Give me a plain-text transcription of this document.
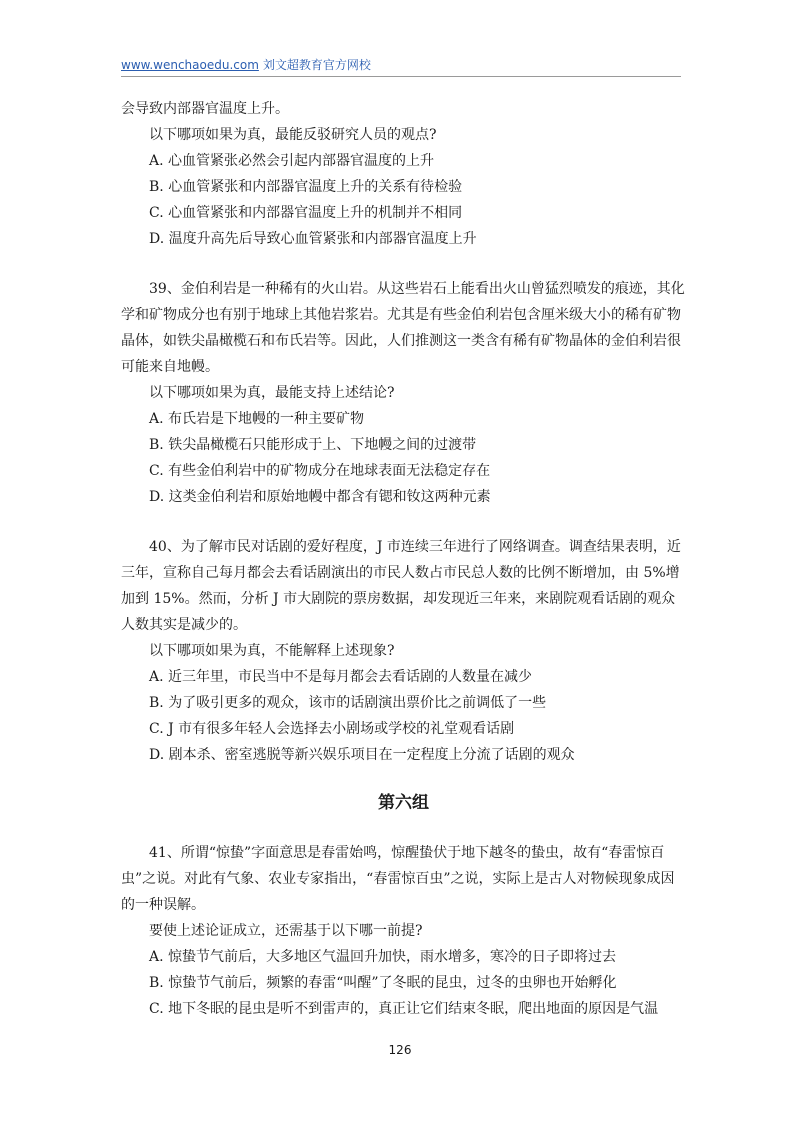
www.wenchaoedu.com 刘文超教育官方网校

会导致内部器官温度上升。

以下哪项如果为真，最能反驳研究人员的观点?

A. 心血管紧张必然会引起内部器官温度的上升

B. 心血管紧张和内部器官温度上升的关系有待检验

C. 心血管紧张和内部器官温度上升的机制并不相同

D. 温度升高先后导致心血管紧张和内部器官温度上升

39、金伯利岩是一种稀有的火山岩。从这些岩石上能看出火山曾猛烈喷发的痕迹，其化学和矿物成分也有别于地球上其他岩浆岩。尤其是有些金伯利岩包含厘米级大小的稀有矿物晶体，如铁尖晶橄榄石和布氏岩等。因此，人们推测这一类含有稀有矿物晶体的金伯利岩很可能来自地幔。

以下哪项如果为真，最能支持上述结论?

A. 布氏岩是下地幔的一种主要矿物

B. 铁尖晶橄榄石只能形成于上、下地幔之间的过渡带

C. 有些金伯利岩中的矿物成分在地球表面无法稳定存在

D. 这类金伯利岩和原始地幔中都含有锶和钕这两种元素

40、为了解市民对话剧的爱好程度，J 市连续三年进行了网络调查。调查结果表明，近三年，宣称自己每月都会去看话剧演出的市民人数占市民总人数的比例不断增加，由 5%增加到 15%。然而，分析 J 市大剧院的票房数据，却发现近三年来，来剧院观看话剧的观众人数其实是减少的。

以下哪项如果为真，不能解释上述现象?

A. 近三年里，市民当中不是每月都会去看话剧的人数量在减少

B. 为了吸引更多的观众，该市的话剧演出票价比之前调低了一些

C. J 市有很多年轻人会选择去小剧场或学校的礼堂观看话剧

D. 剧本杀、密室逃脱等新兴娱乐项目在一定程度上分流了话剧的观众

第六组

41、所谓“惊蛰”字面意思是春雷始鸣，惊醒蛰伏于地下越冬的蛰虫，故有“春雷惊百虫”之说。对此有气象、农业专家指出，“春雷惊百虫”之说，实际上是古人对物候现象成因的一种误解。

要使上述论证成立，还需基于以下哪一前提?

A. 惊蛰节气前后，大多地区气温回升加快，雨水增多，寒冷的日子即将过去

B. 惊蛰节气前后，频繁的春雷“叫醒”了冬眠的昆虫，过冬的虫卵也开始孵化

C. 地下冬眠的昆虫是听不到雷声的，真正让它们结束冬眠，爬出地面的原因是气温

126
